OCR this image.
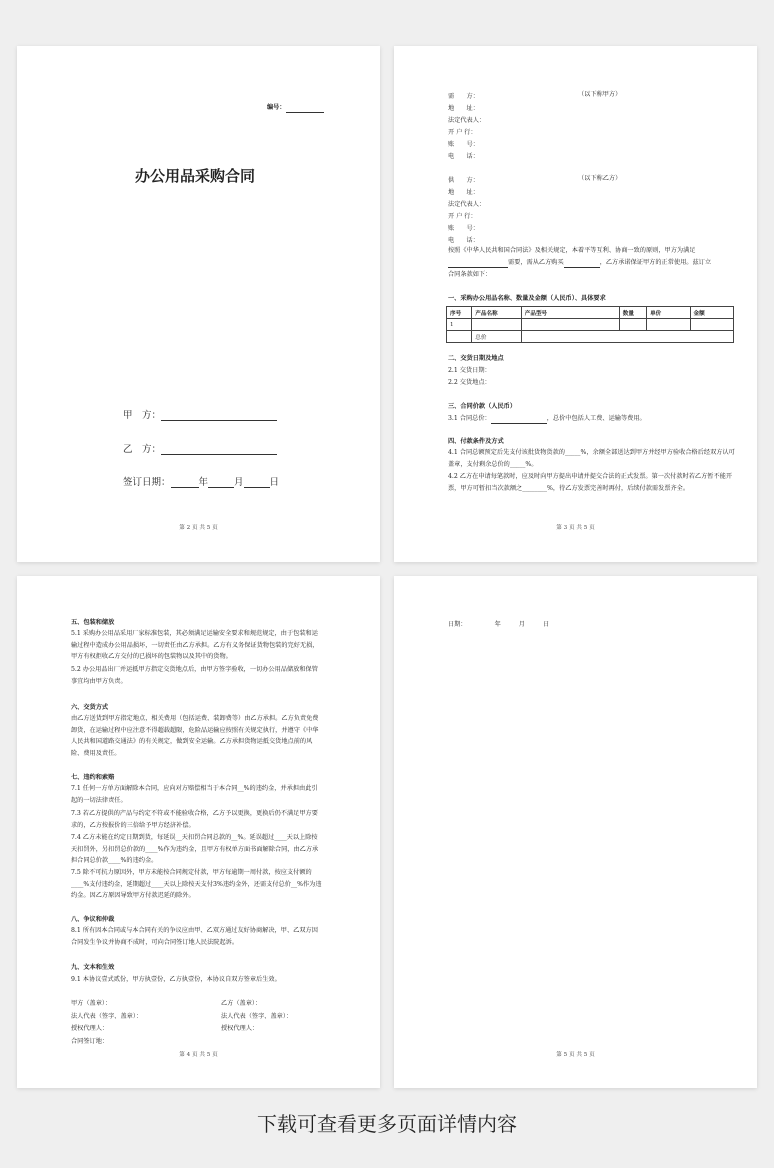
编号：
办公用品采购合同
甲　方：
乙　方：
签订日期：	年	月	日
第 2 页 共 5 页
需　　方：
地　　址：
法定代表人：
开 户 行：
账　　号：
电　　话：
（以下称甲方）
供　　方：
地　　址：
法定代表人：
开 户 行：
账　　号：
电　　话：
（以下称乙方）
按照《中华人民共和国合同法》及相关规定，本着平等互利、协商一致的原则，甲方为满足
需要，需从乙方购买	，乙方承诺保证甲方的正常使用。兹订立
合同条款如下：
一、采购办公用品名称、数量及金额（人民币）、具体要求
序号	产品名称	产品型号	数量	单价	金额
1					
	总价				
二、交货日期及地点
2.1 交货日期：
2.2 交货地点：
三、合同价款（人民币）
3.1 合同总价：	，总价中包括人工费、运输等费用。
四、付款条件及方式
4.1 合同总额预定后先支付该批货物货款的_____%，余额全部送达到甲方并经甲方验收合格后经双方认可盖章，支付剩余总价的_____%。
4.2 乙方在申请每笔款时，应及时向甲方提出申请并提交合法的正式发票。第一次付款时若乙方暂不能开票，甲方可暂扣当次款额之________%，待乙方发票完善时再付，后续付款需发票齐全。
第 3 页 共 5 页
五、包装和储放
5.1 采购办公用品采用厂家标准包装，其必须满足运输安全要求和规范规定，由于包装和运输过程中造成办公用品损坏，一切责任由乙方承担。乙方有义务保证货物包装的完好无损，甲方有权拒收乙方交付的已损坏的包装物以及其中的货物。
5.2 办公用品出厂并运抵甲方指定交货地点后，由甲方签字验收，一切办公用品储放和保管事宜均由甲方负责。
六、交货方式
由乙方送货到甲方指定地点，相关费用（包括运费、装卸费等）由乙方承担。乙方负责免费卸货，在运输过程中应注意不得超载超限，危险品运输应按照有关规定执行，并遵守《中华人民共和国道路交通法》的有关规定，做到安全运输。乙方承担货物运抵交货地点前的风险、费用及责任。
七、违约和索赔
7.1 任何一方单方面解除本合同，应向对方赔偿相当于本合同__%的违约金，并承担由此引起的一切法律责任。
7.3 若乙方提供的产品与约定不符或不能验收合格，乙方予以更换，更换后仍不满足甲方要求的，乙方按报价的三倍给予甲方经济补偿。
7.4 乙方未能在约定日期到货，每延误__天扣罚合同总款的__%。延误超过____天以上除按天扣罚外，另扣罚总价款的____%作为违约金，且甲方有权单方面书面解除合同，由乙方承担合同总价款____%的违约金。
7.5 除不可抗力原因外，甲方未能按合同规定付款，甲方每逾期一周付款，按应支付额的____%支付违约金，延期超过____天以上除按天支付3%违约金外，还需支付总价__%作为违约金。因乙方原因导致甲方付款迟延的除外。
八、争议和仲裁
8.1 所有因本合同或与本合同有关的争议应由甲、乙双方通过友好协商解决，甲、乙双方因合同发生争议并协商不成时，可向合同签订地人民法院起诉。
九、文本和生效
9.1 本协议壹式贰份，甲方执壹份，乙方执壹份，本协议自双方签章后生效。
甲方（盖章）：
法人代表（签字、盖章）：
授权代理人：
合同签订地：
乙方（盖章）：
法人代表（签字、盖章）：
授权代理人：
第 4 页 共 5 页
日期：	年	月	日
第 5 页 共 5 页
下载可查看更多页面详情内容
